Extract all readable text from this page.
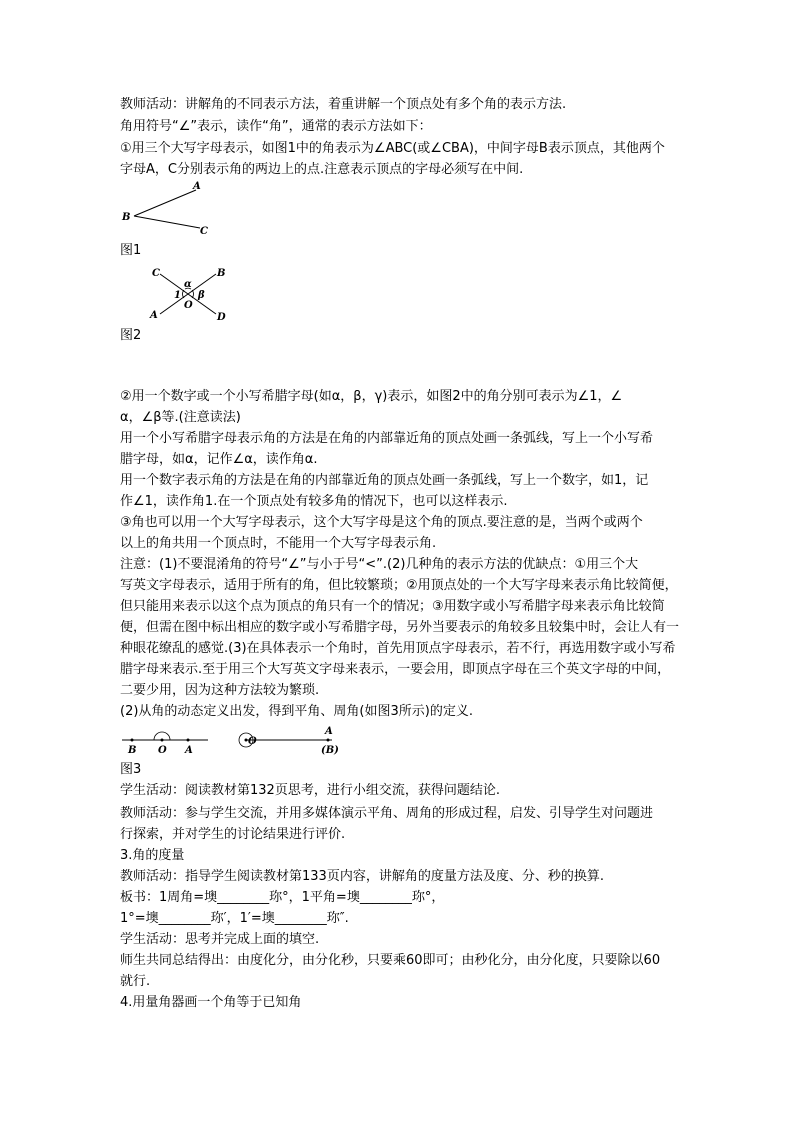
教师活动：讲解角的不同表示方法，着重讲解一个顶点处有多个角的表示方法.
角用符号“∠”表示，读作“角”，通常的表示方法如下：
①用三个大写字母表示，如图1中的角表示为∠ABC(或∠CBA)，中间字母B表示顶点，其他两个
字母A，C分别表示角的两边上的点.注意表示顶点的字母必须写在中间.
A
B
C
图1
C	B
A	D
1
O
α
β
图2
②用一个数字或一个小写希腊字母(如α，β，γ)表示，如图2中的角分别可表示为∠1，∠
α，∠β等.(注意读法)
用一个小写希腊字母表示角的方法是在角的内部靠近角的顶点处画一条弧线，写上一个小写希
腊字母，如α，记作∠α，读作角α.
用一个数字表示角的方法是在角的内部靠近角的顶点处画一条弧线，写上一个数字，如1，记
作∠1，读作角1.在一个顶点处有较多角的情况下，也可以这样表示.
③角也可以用一个大写字母表示，这个大写字母是这个角的顶点.要注意的是，当两个或两个
以上的角共用一个顶点时，不能用一个大写字母表示角.
注意：(1)不要混淆角的符号“∠”与小于号“<”.(2)几种角的表示方法的优缺点：①用三个大
写英文字母表示，适用于所有的角，但比较繁琐；②用顶点处的一个大写字母来表示角比较简便，
但只能用来表示以这个点为顶点的角只有一个的情况；③用数字或小写希腊字母来表示角比较简
便，但需在图中标出相应的数字或小写希腊字母，另外当要表示的角较多且较集中时，会让人有一
种眼花缭乱的感觉.(3)在具体表示一个角时，首先用顶点字母表示，若不行，再选用数字或小写希
腊字母来表示.至于用三个大写英文字母来表示，一要会用，即顶点字母在三个英文字母的中间，
二要少用，因为这种方法较为繁琐.
(2)从角的动态定义出发，得到平角、周角(如图3所示)的定义.
B O A
O
A
(B)
图3
学生活动：阅读教材第132页思考，进行小组交流，获得问题结论.
教师活动：参与学生交流，并用多媒体演示平角、周角的形成过程，启发、引导学生对问题进
行探索，并对学生的讨论结果进行评价.
3.角的度量
教师活动：指导学生阅读教材第133页内容，讲解角的度量方法及度、分、秒的换算.
板书：1周角=墺________珎°，1平角=墺________珎°，
1°=墺________珎′，1′=墺________珎″.
学生活动：思考并完成上面的填空.
师生共同总结得出：由度化分，由分化秒，只要乘60即可；由秒化分，由分化度，只要除以60
就行.
4.用量角器画一个角等于已知角
